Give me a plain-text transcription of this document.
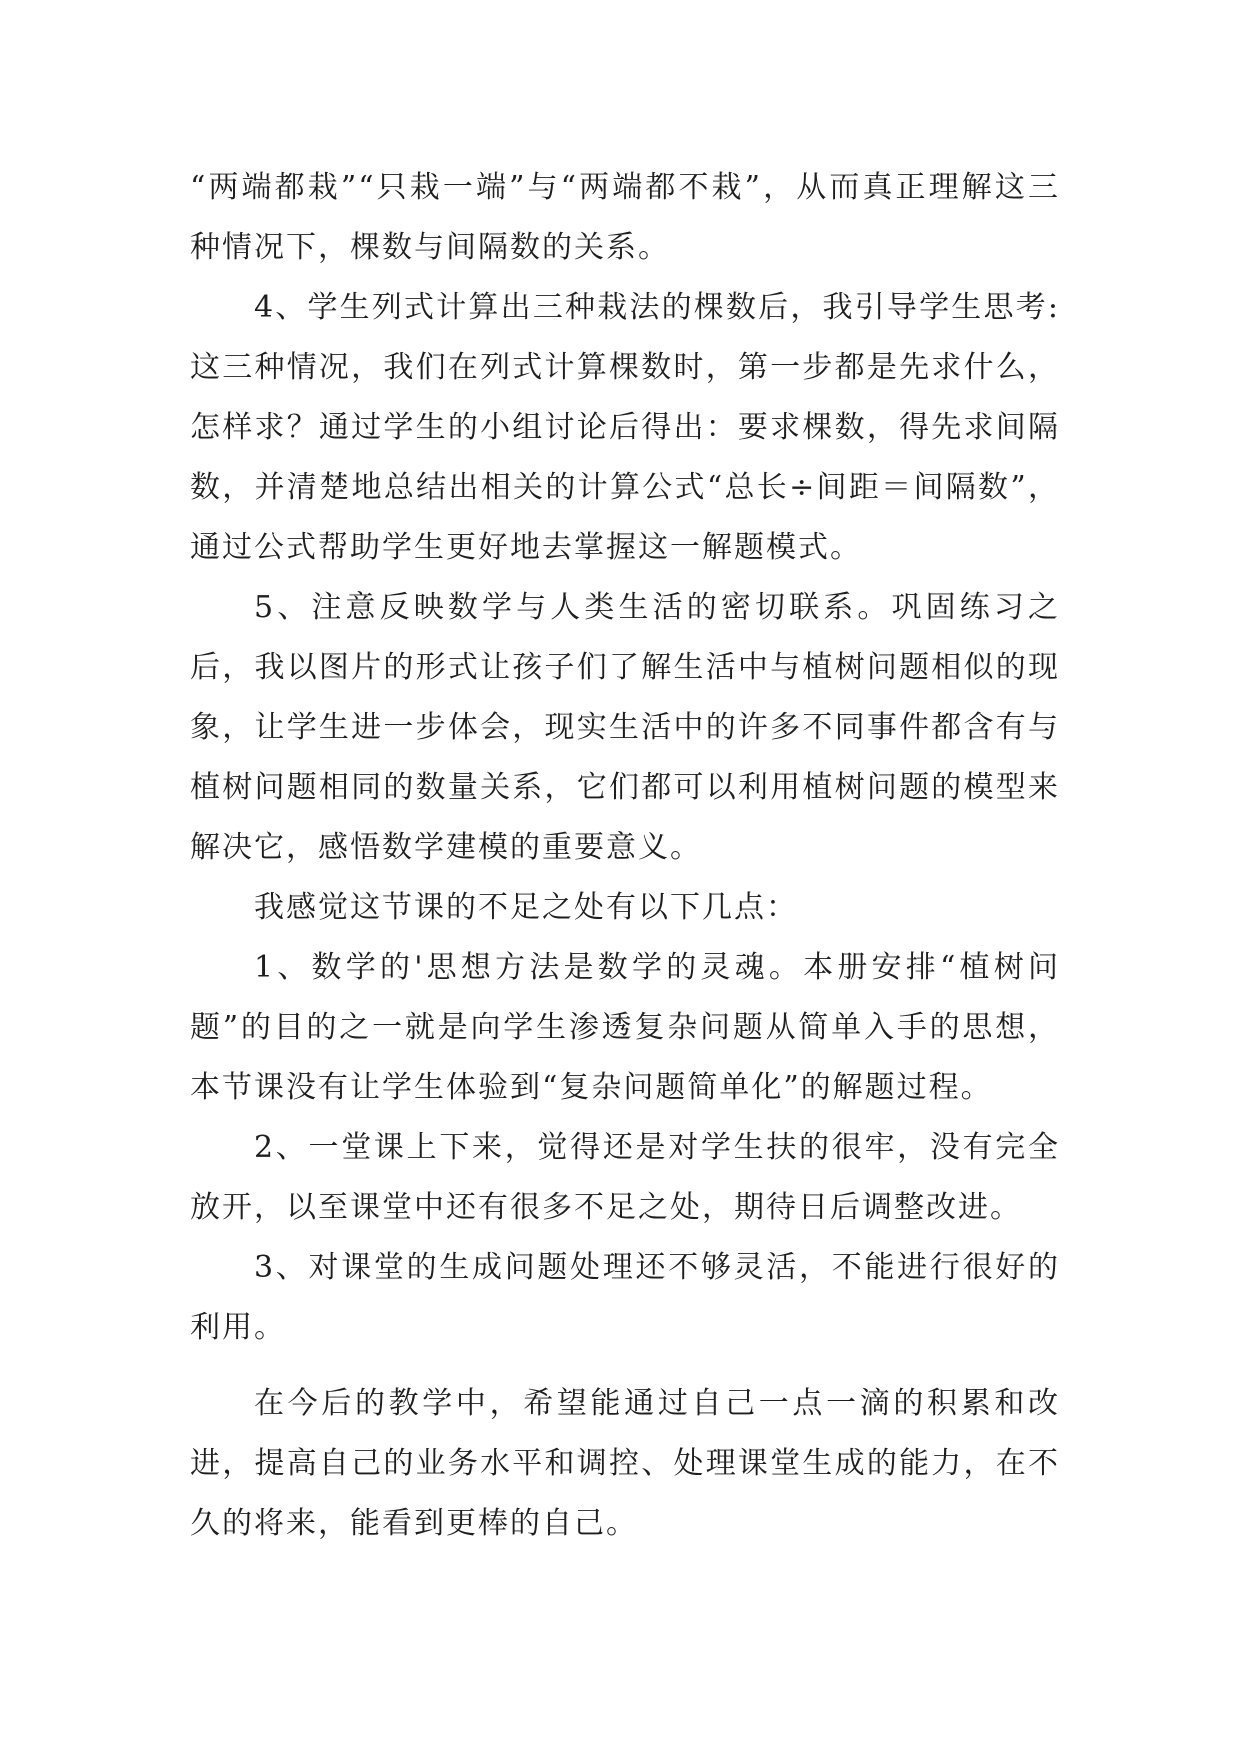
“两端都栽”“只栽一端”与“两端都不栽”，从而真正理解这三种情况下，棵数与间隔数的关系。

4、学生列式计算出三种栽法的棵数后，我引导学生思考:这三种情况，我们在列式计算棵数时，第一步都是先求什么，怎样求？通过学生的小组讨论后得出：要求棵数，得先求间隔数，并清楚地总结出相关的计算公式“总长÷间距＝间隔数”，通过公式帮助学生更好地去掌握这一解题模式。

5、注意反映数学与人类生活的密切联系。巩固练习之后，我以图片的形式让孩子们了解生活中与植树问题相似的现象，让学生进一步体会，现实生活中的许多不同事件都含有与植树问题相同的数量关系，它们都可以利用植树问题的模型来解决它，感悟数学建模的重要意义。

我感觉这节课的不足之处有以下几点：

1、数学的'思想方法是数学的灵魂。本册安排“植树问题”的目的之一就是向学生渗透复杂问题从简单入手的思想，本节课没有让学生体验到“复杂问题简单化”的解题过程。

2、一堂课上下来，觉得还是对学生扶的很牢，没有完全放开，以至课堂中还有很多不足之处，期待日后调整改进。

3、对课堂的生成问题处理还不够灵活，不能进行很好的利用。

在今后的教学中，希望能通过自己一点一滴的积累和改进，提高自己的业务水平和调控、处理课堂生成的能力，在不久的将来，能看到更棒的自己。
